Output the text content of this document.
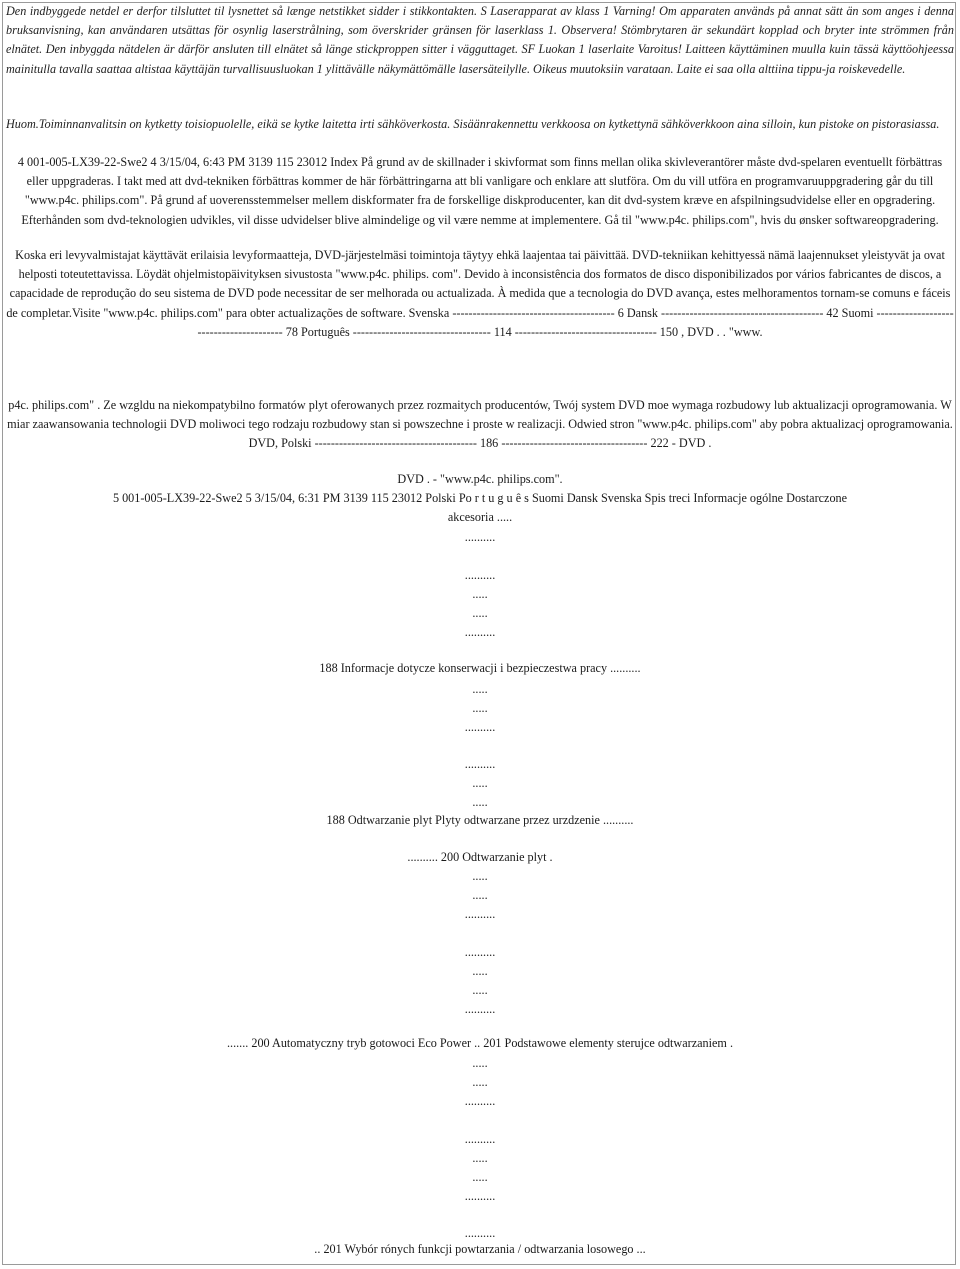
Den indbyggede netdel er derfor tilsluttet til lysnettet så længe netstikket sidder i stikkontakten. S Laserapparat av klass 1 Varning! Om apparaten används på annat sätt än som anges i denna bruksanvisning, kan användaren utsättas för osynlig laserstrålning, som överskrider gränsen för laserklass 1. Observera! Stömbrytaren är sekundärt kopplad och bryter inte strömmen från elnätet. Den inbyggda nätdelen är därför ansluten till elnätet så länge stickproppen sitter i vägguttaget. SF Luokan 1 laserlaite Varoitus! Laitteen käyttäminen muulla kuin tässä käyttöohjeessa mainitulla tavalla saattaa altistaa käyttäjän turvallisuusluokan 1 ylittävälle näkymättömälle lasersäteilylle. Oikeus muutoksiin varataan. Laite ei saa olla alttiina tippu-ja roiskevedelle.

Huom.Toiminnanvalitsin on kytketty toisiopuolelle, eikä se kytke laitetta irti sähköverkosta. Sisäänrakennettu verkkoosa on kytkettynä sähköverkkoon aina silloin, kun pistoke on pistorasiassa.

4 001-005-LX39-22-Swe2 4 3/15/04, 6:43 PM 3139 115 23012 Index På grund av de skillnader i skivformat som finns mellan olika skivleverantörer måste dvd-spelaren eventuellt förbättras eller uppgraderas. I takt med att dvd-tekniken förbättras kommer de här förbättringarna att bli vanligare och enklare att slutföra. Om du vill utföra en programvaruuppgradering går du till "www.p4c. philips.com". På grund af uoverensstemmelser mellem diskformater fra de forskellige diskproducenter, kan dit dvd-system kræve en afspilningsudvidelse eller en opgradering. Efterhånden som dvd-teknologien udvikles, vil disse udvidelser blive almindelige og vil være nemme at implementere. Gå til "www.p4c. philips.com", hvis du ønsker softwareopgradering.

Koska eri levyvalmistajat käyttävät erilaisia levyformaatteja, DVD-järjestelmäsi toimintoja täytyy ehkä laajentaa tai päivittää. DVD-tekniikan kehittyessä nämä laajennukset yleistyvät ja ovat helposti toteutettavissa. Löydät ohjelmistopäivityksen sivustosta "www.p4c. philips. com". Devido à inconsistência dos formatos de disco disponibilizados por vários fabricantes de discos, a capacidade de reprodução do seu sistema de DVD pode necessitar de ser melhorada ou actualizada. À medida que a tecnologia do DVD avança, estes melhoramentos tornam-se comuns e fáceis de completar.Visite "www.p4c. philips.com" para obter actualizações de software. Svenska ---------------------------------------- 6 Dansk ---------------------------------------- 42 Suomi ---------------------------------------- 78 Português ---------------------------------- 114 ----------------------------------- 150 , DVD . . "www.

p4c. philips.com" . Ze wzgldu na niekompatybilno formatów plyt oferowanych przez rozmaitych producentów, Twój system DVD moe wymaga rozbudowy lub aktualizacji oprogramowania. W miar zaawansowania technologii DVD moliwoci tego rodzaju rozbudowy stan si powszechne i proste w realizacji. Odwied stron "www.p4c. philips.com" aby pobra aktualizacj oprogramowania. DVD, Polski ---------------------------------------- 186 ------------------------------------ 222 - DVD .

DVD . - "www.p4c. philips.com".
5 001-005-LX39-22-Swe2 5 3/15/04, 6:31 PM 3139 115 23012 Polski Po r t u g u ê s Suomi Dansk Svenska Spis treci Informacje ogólne Dostarczone
akcesoria .....
..........
..........
.....
.....
..........
188 Informacje dotycze konserwacji i bezpieczestwa pracy ..........
.....
.....
..........
..........
.....
.....
188 Odtwarzanie plyt Plyty odtwarzane przez urzdzenie ..........
.......... 200 Odtwarzanie plyt .
.....
.....
..........
..........
.....
.....
..........
....... 200 Automatyczny tryb gotowoci Eco Power .. 201 Podstawowe elementy sterujce odtwarzaniem .
.....
.....
..........
..........
.....
.....
..........
..........
.. 201 Wybór rónych funkcji powtarzania / odtwarzania losowego ...
